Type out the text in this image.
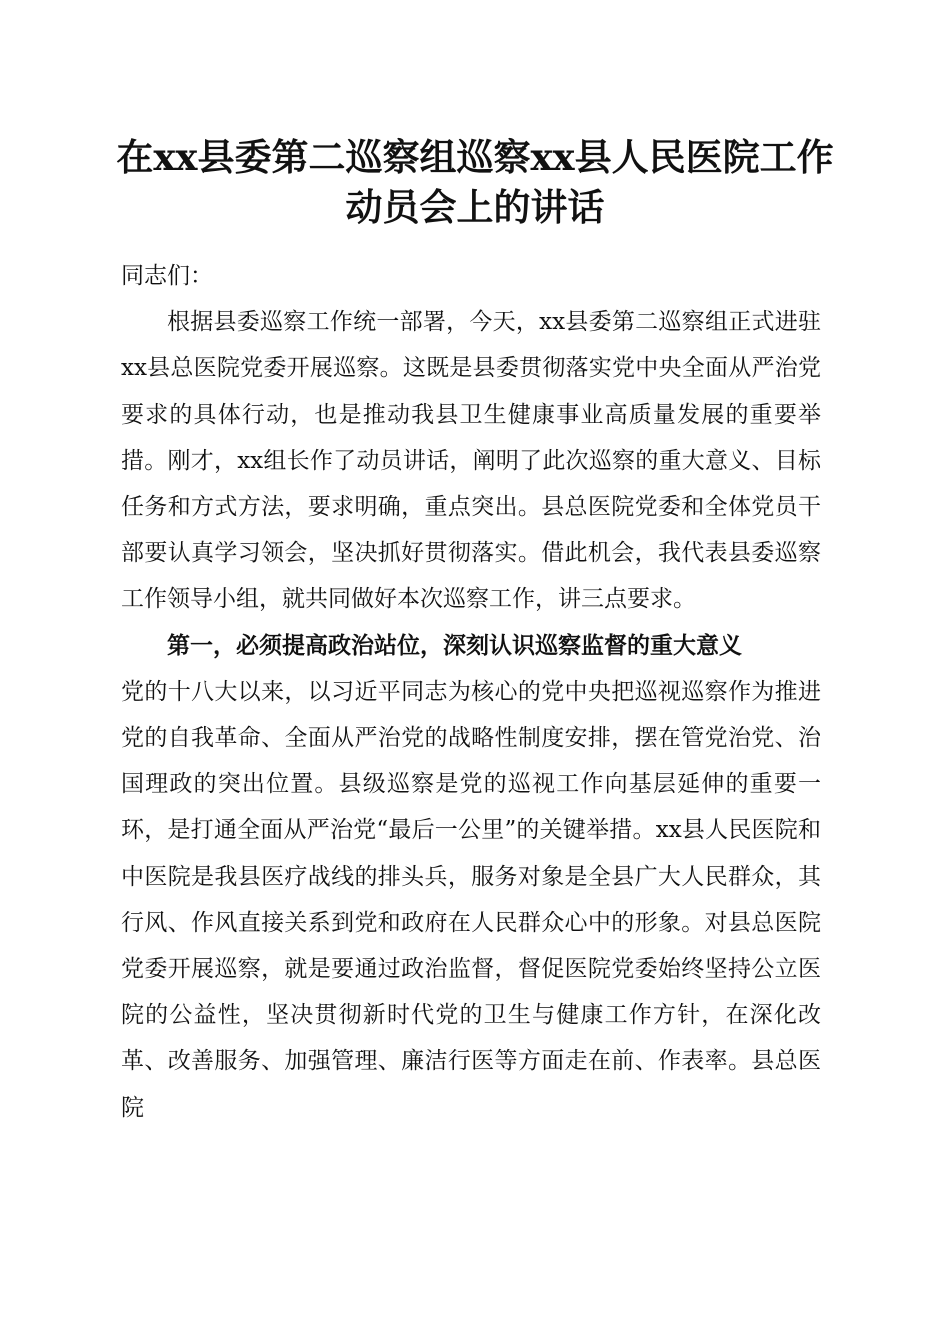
在xx县委第二巡察组巡察xx县人民医院工作
动员会上的讲话

同志们：

根据县委巡察工作统一部署，今天，xx县委第二巡察组正式进驻xx县总医院党委开展巡察。这既是县委贯彻落实党中央全面从严治党要求的具体行动，也是推动我县卫生健康事业高质量发展的重要举措。刚才，xx组长作了动员讲话，阐明了此次巡察的重大意义、目标任务和方式方法，要求明确，重点突出。县总医院党委和全体党员干部要认真学习领会，坚决抓好贯彻落实。借此机会，我代表县委巡察工作领导小组，就共同做好本次巡察工作，讲三点要求。

第一，必须提高政治站位，深刻认识巡察监督的重大意义

党的十八大以来，以习近平同志为核心的党中央把巡视巡察作为推进党的自我革命、全面从严治党的战略性制度安排，摆在管党治党、治国理政的突出位置。县级巡察是党的巡视工作向基层延伸的重要一环，是打通全面从严治党“最后一公里”的关键举措。xx县人民医院和中医院是我县医疗战线的排头兵，服务对象是全县广大人民群众，其行风、作风直接关系到党和政府在人民群众心中的形象。对县总医院党委开展巡察，就是要通过政治监督，督促医院党委始终坚持公立医院的公益性，坚决贯彻新时代党的卫生与健康工作方针，在深化改革、改善服务、加强管理、廉洁行医等方面走在前、作表率。县总医院
